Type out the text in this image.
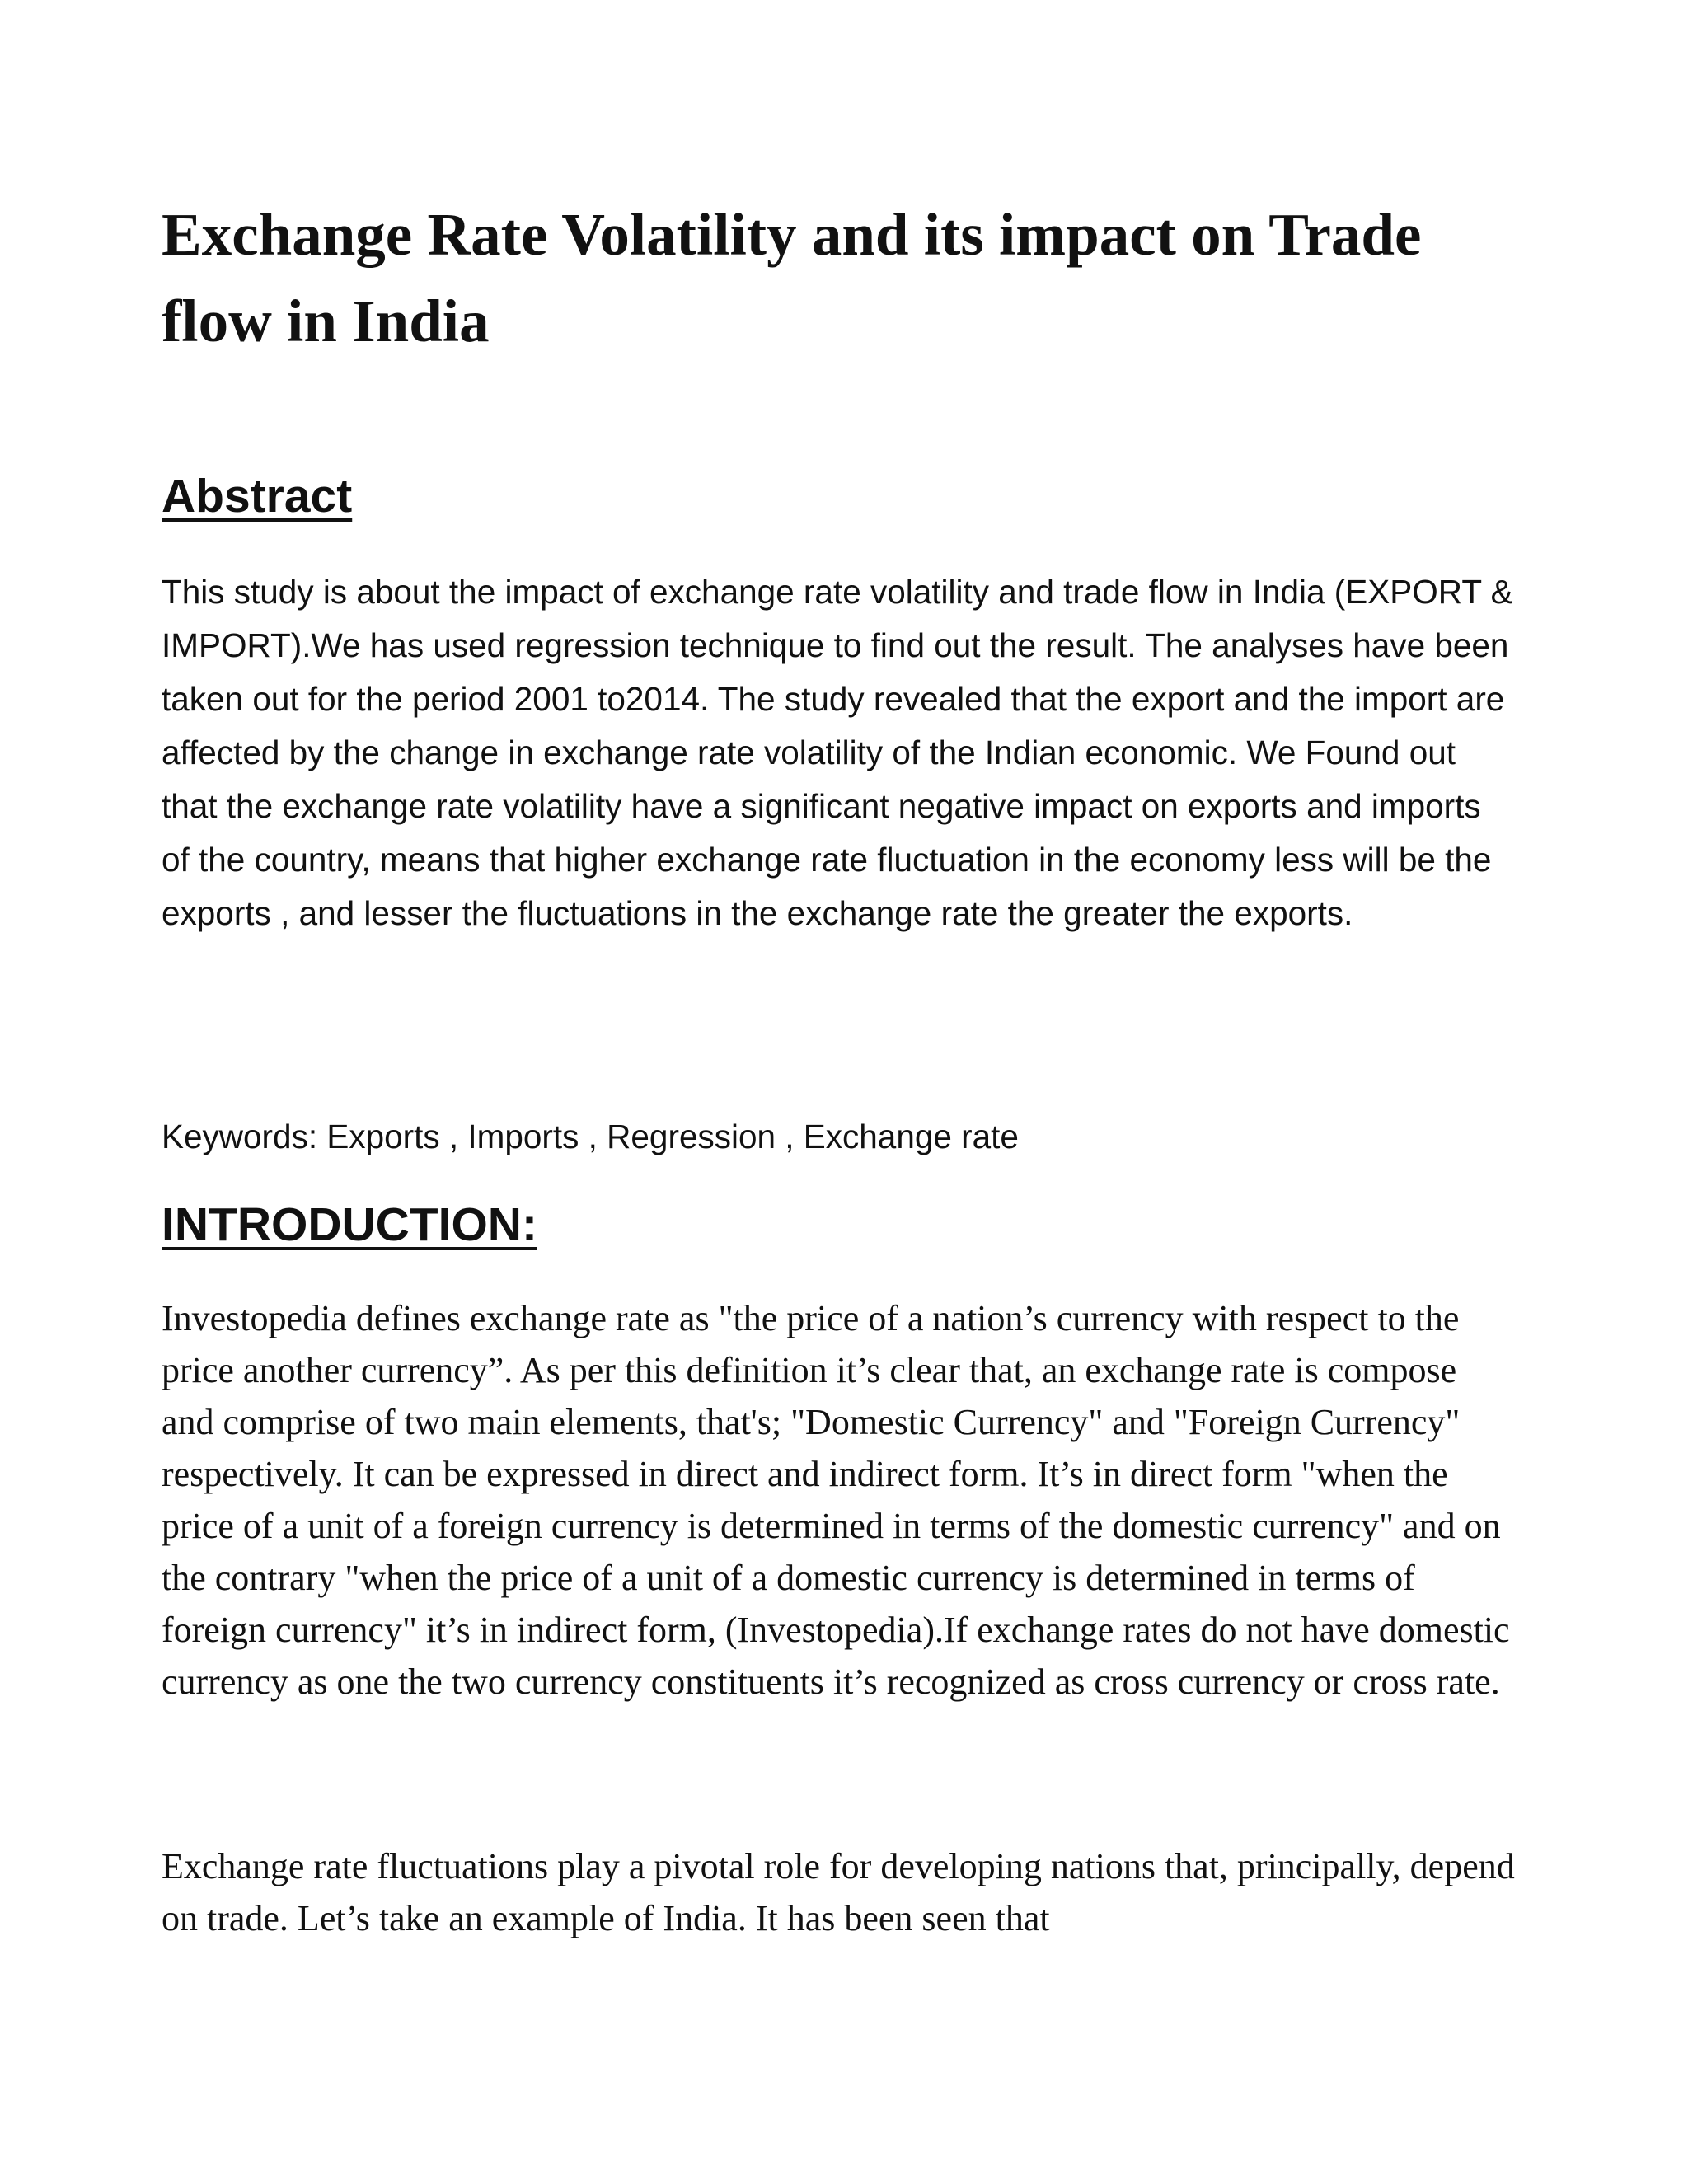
Exchange Rate Volatility and its impact on Trade flow in India
Abstract

This study is about the impact of exchange rate volatility and trade flow in India (EXPORT & IMPORT).We has used regression technique to find out the result. The analyses have been taken out for the period 2001 to2014. The study revealed that the export and the import are affected by the change in exchange rate volatility of the Indian economic. We Found out that the exchange rate volatility have a significant negative impact on exports and imports of the country, means that higher exchange rate fluctuation in the economy less will be the exports , and lesser the fluctuations in the exchange rate the greater the exports.

Keywords: Exports , Imports , Regression , Exchange rate

INTRODUCTION:

Investopedia defines exchange rate as "the price of a nation’s currency with respect to the price another currency”. As per this definition it’s clear that, an exchange rate is compose and comprise of two main elements, that's; "Domestic Currency" and "Foreign Currency" respectively. It can be expressed in direct and indirect form. It’s in direct form "when the price of a unit of a foreign currency is determined in terms of the domestic currency" and on the contrary "when the price of a unit of a domestic currency is determined in terms of foreign currency" it’s in indirect form, (Investopedia).If exchange rates do not have domestic currency as one the two currency constituents it’s recognized as cross currency or cross rate.

Exchange rate fluctuations play a pivotal role for developing nations that, principally, depend on trade. Let’s take an example of India. It has been seen that
